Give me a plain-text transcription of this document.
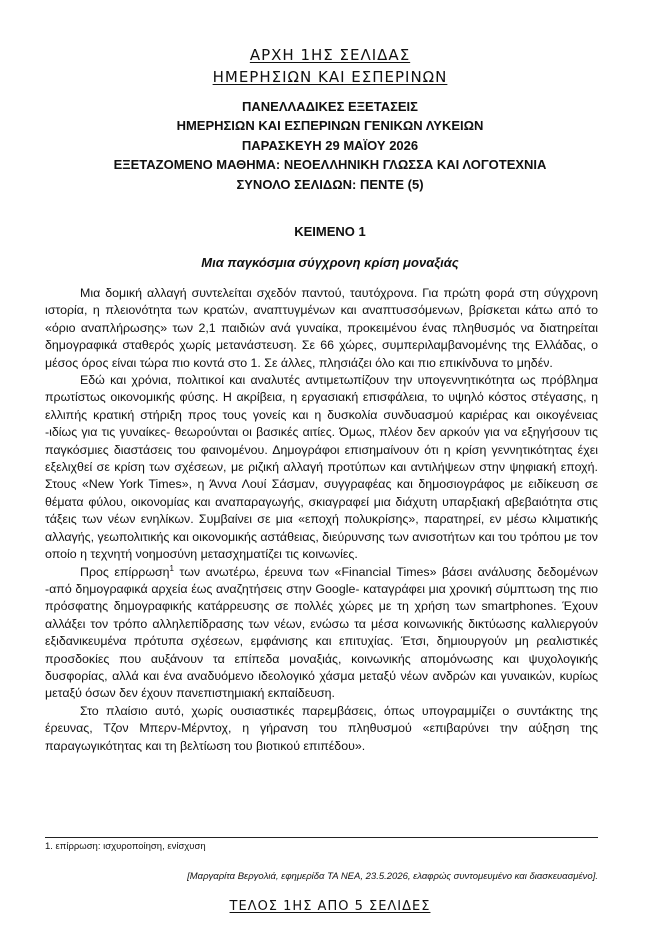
ΑΡΧΗ 1ΗΣ ΣΕΛΙΔΑΣ
ΗΜΕΡΗΣΙΩΝ ΚΑΙ ΕΣΠΕΡΙΝΩΝ
ΠΑΝΕΛΛΑΔΙΚΕΣ ΕΞΕΤΑΣΕΙΣ
ΗΜΕΡΗΣΙΩΝ ΚΑΙ ΕΣΠΕΡΙΝΩΝ ΓΕΝΙΚΩΝ ΛΥΚΕΙΩΝ
ΠΑΡΑΣΚΕΥΗ 29 ΜΑΪΟΥ 2026
ΕΞΕΤΑΖΟΜΕΝΟ ΜΑΘΗΜΑ: ΝΕΟΕΛΛΗΝΙΚΗ ΓΛΩΣΣΑ ΚΑΙ ΛΟΓΟΤΕΧΝΙΑ
ΣΥΝΟΛΟ ΣΕΛΙΔΩΝ: ΠΕΝΤΕ (5)
ΚΕΙΜΕΝΟ 1
Μια παγκόσμια σύγχρονη κρίση μοναξιάς

Μια δομική αλλαγή συντελείται σχεδόν παντού, ταυτόχρονα. Για πρώτη φορά στη σύγχρονη ιστορία, η πλειονότητα των κρατών, αναπτυγμένων και αναπτυσσόμενων, βρίσκεται κάτω από το «όριο αναπλήρωσης» των 2,1 παιδιών ανά γυναίκα, προκειμένου ένας πληθυσμός να διατηρείται δημογραφικά σταθερός χωρίς μετανάστευση. Σε 66 χώρες, συμπεριλαμβανομένης της Ελλάδας, ο μέσος όρος είναι τώρα πιο κοντά στο 1. Σε άλλες, πλησιάζει όλο και πιο επικίνδυνα το μηδέν.

Εδώ και χρόνια, πολιτικοί και αναλυτές αντιμετωπίζουν την υπογεννητικότητα ως πρόβλημα πρωτίστως οικονομικής φύσης. Η ακρίβεια, η εργασιακή επισφάλεια, το υψηλό κόστος στέγασης, η ελλιπής κρατική στήριξη προς τους γονείς και η δυσκολία συνδυασμού καριέρας και οικογένειας -ιδίως για τις γυναίκες- θεωρούνται οι βασικές αιτίες. Όμως, πλέον δεν αρκούν για να εξηγήσουν τις παγκόσμιες διαστάσεις του φαινομένου. Δημογράφοι επισημαίνουν ότι η κρίση γεννητικότητας έχει εξελιχθεί σε κρίση των σχέσεων, με ριζική αλλαγή προτύπων και αντιλήψεων στην ψηφιακή εποχή. Στους «New York Times», η Άννα Λουί Σάσμαν, συγγραφέας και δημοσιογράφος με ειδίκευση σε θέματα φύλου, οικονομίας και αναπαραγωγής, σκιαγραφεί μια διάχυτη υπαρξιακή αβεβαιότητα στις τάξεις των νέων ενηλίκων. Συμβαίνει σε μια «εποχή πολυκρίσης», παρατηρεί, εν μέσω κλιματικής αλλαγής, γεωπολιτικής και οικονομικής αστάθειας, διεύρυνσης των ανισοτήτων και του τρόπου με τον οποίο η τεχνητή νοημοσύνη μετασχηματίζει τις κοινωνίες.

Προς επίρρωση$^1$ των ανωτέρω, έρευνα των «Financial Times» βάσει ανάλυσης δεδομένων -από δημογραφικά αρχεία έως αναζητήσεις στην Google- καταγράφει μια χρονική σύμπτωση της πιο πρόσφατης δημογραφικής κατάρρευσης σε πολλές χώρες με τη χρήση των smartphones. Έχουν αλλάξει τον τρόπο αλληλεπίδρασης των νέων, ενώσω τα μέσα κοινωνικής δικτύωσης καλλιεργούν εξιδανικευμένα πρότυπα σχέσεων, εμφάνισης και επιτυχίας. Έτσι, δημιουργούν μη ρεαλιστικές προσδοκίες που αυξάνουν τα επίπεδα μοναξιάς, κοινωνικής απομόνωσης και ψυχολογικής δυσφορίας, αλλά και ένα αναδυόμενο ιδεολογικό χάσμα μεταξύ νέων ανδρών και γυναικών, κυρίως μεταξύ όσων δεν έχουν πανεπιστημιακή εκπαίδευση.

Στο πλαίσιο αυτό, χωρίς ουσιαστικές παρεμβάσεις, όπως υπογραμμίζει ο συντάκτης της έρευνας, Τζον Μπερν-Μέρντοχ, η γήρανση του πληθυσμού «επιβαρύνει την αύξηση της παραγωγικότητας και τη βελτίωση του βιοτικού επιπέδου».

1. επίρρωση: ισχυροποίηση, ενίσχυση
[Μαργαρίτα Βεργολιά, εφημερίδα ΤΑ ΝΕΑ, 23.5.2026, ελαφρώς συντομευμένο και διασκευασμένο].
ΤΕΛΟΣ 1ΗΣ ΑΠΟ 5 ΣΕΛΙΔΕΣ
